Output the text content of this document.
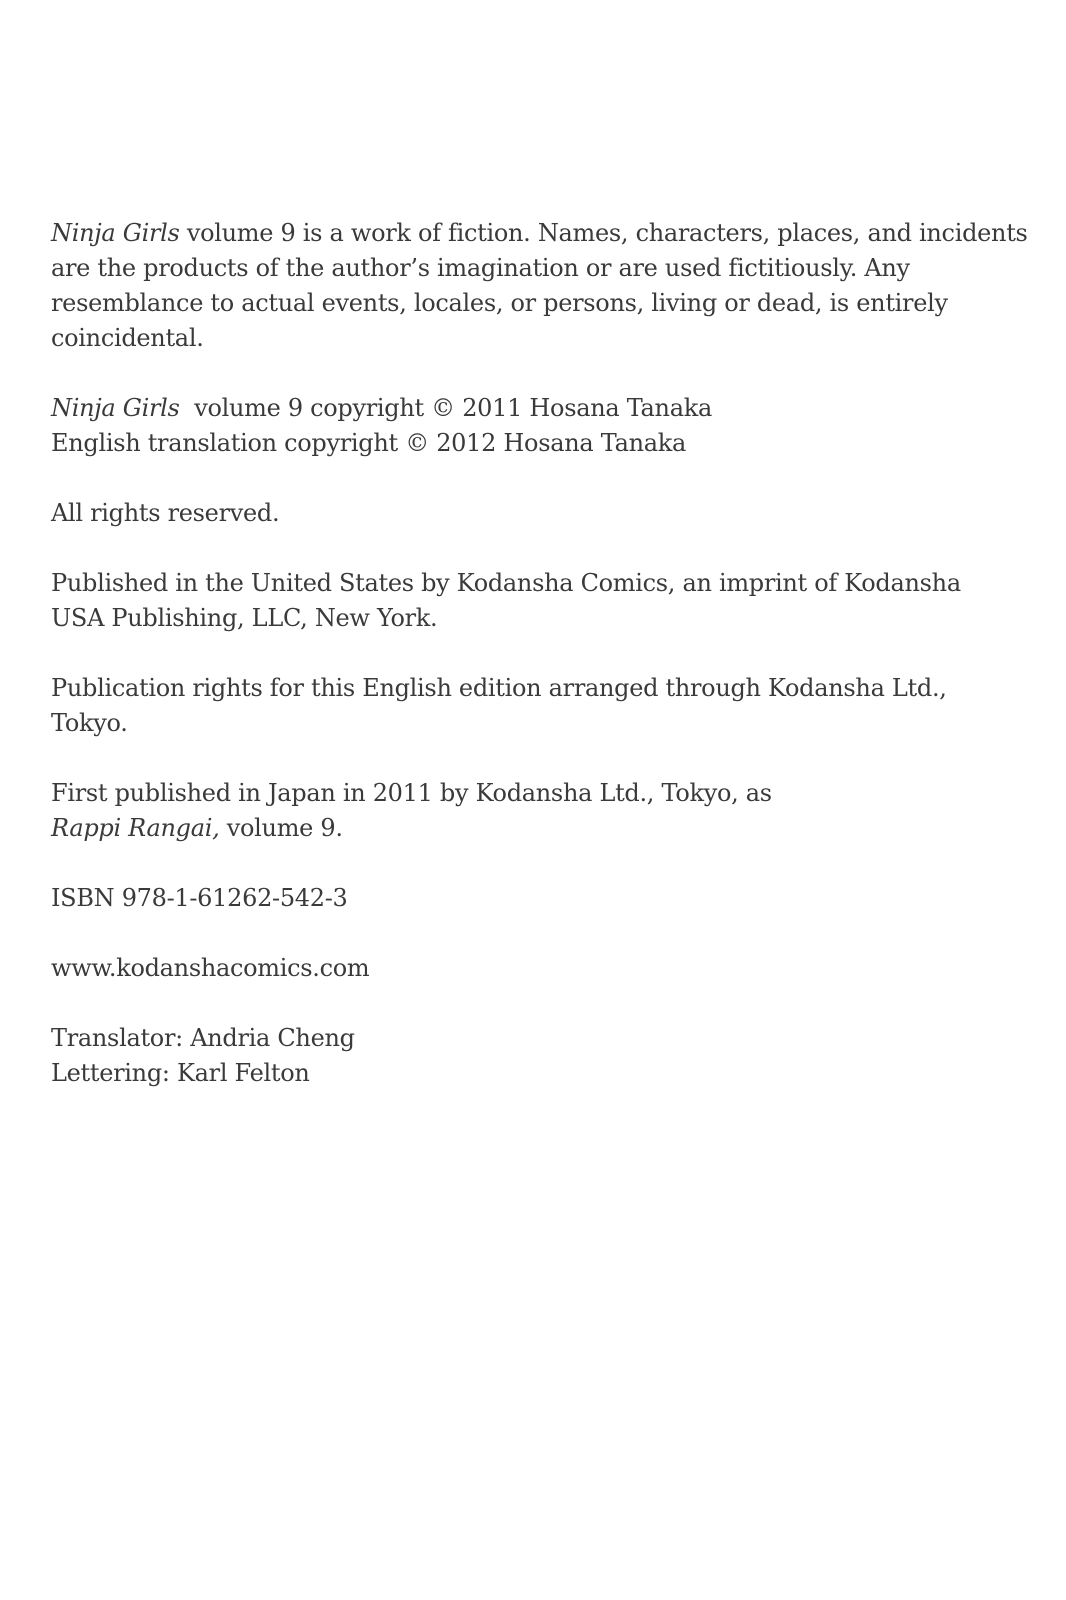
Ninja Girls volume 9 is a work of fiction. Names, characters, places, and incidents
are the products of the author’s imagination or are used fictitiously. Any
resemblance to actual events, locales, or persons, living or dead, is entirely
coincidental.

Ninja Girls  volume 9 copyright © 2011 Hosana Tanaka
English translation copyright © 2012 Hosana Tanaka

All rights reserved.

Published in the United States by Kodansha Comics, an imprint of Kodansha
USA Publishing, LLC, New York.

Publication rights for this English edition arranged through Kodansha Ltd.,
Tokyo.

First published in Japan in 2011 by Kodansha Ltd., Tokyo, as
Rappi Rangai, volume 9.

ISBN 978-1-61262-542-3

www.kodanshacomics.com

Translator: Andria Cheng
Lettering: Karl Felton
